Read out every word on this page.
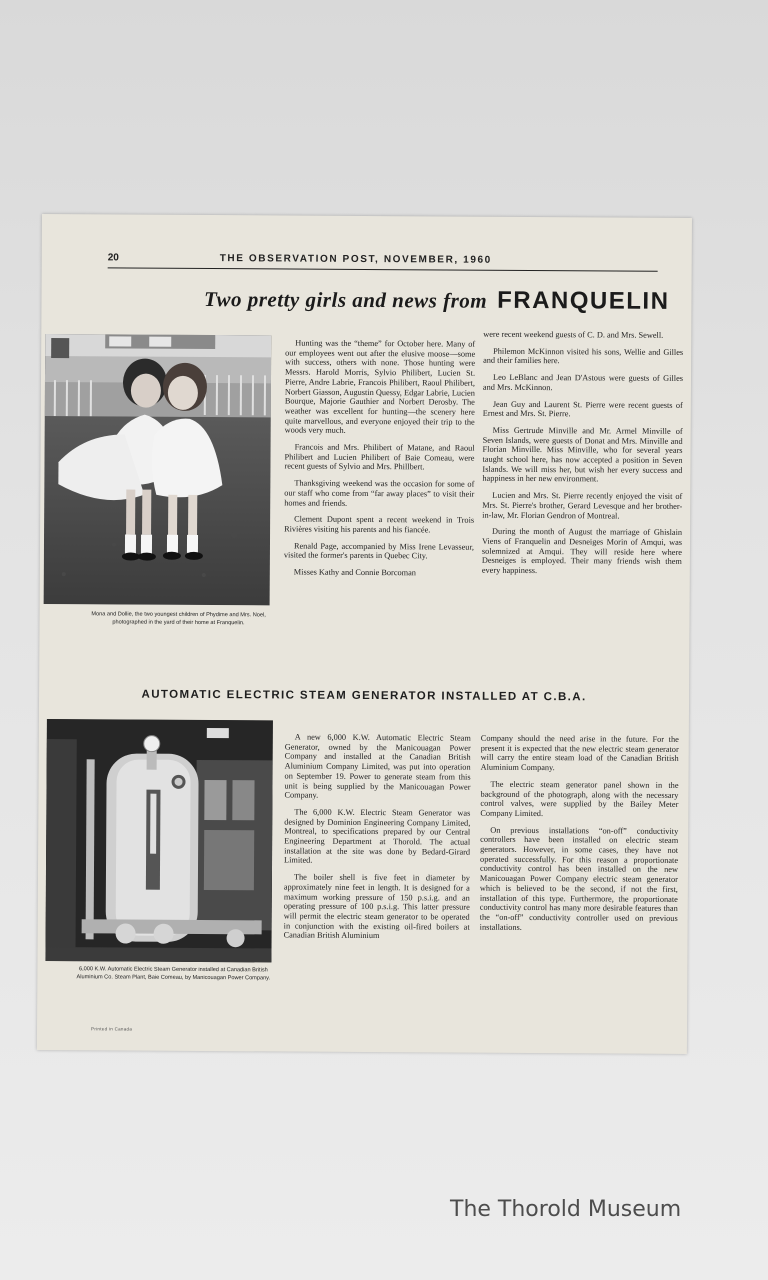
20	THE OBSERVATION POST, NOVEMBER, 1960
Two pretty girls and news from FRANQUELIN
Mona and Dollie, the two youngest children of Phydime and Mrs. Noel, photographed in the yard of their home at Franquelin.

Hunting was the “theme” for October here. Many of our employees went out after the elusive moose—some with success, others with none. Those hunting were Messrs. Harold Morris, Sylvio Philibert, Lucien St. Pierre, Andre Labrie, Francois Philibert, Raoul Philibert, Norbert Giasson, Augustin Quessy, Edgar Labrie, Lucien Bourque, Majorie Gauthier and Norbert Derosby. The weather was excellent for hunting—the scenery here quite marvellous, and everyone enjoyed their trip to the woods very much.

Francois and Mrs. Philibert of Matane, and Raoul Philibert and Lucien Philibert of Baie Comeau, were recent guests of Sylvio and Mrs. Phillbert.

Thanksgiving weekend was the occasion for some of our staff who come from “far away places” to visit their homes and friends.

Clement Dupont spent a recent weekend in Trois Rivières visiting his parents and his fiancée.

Renald Page, accompanied by Miss Irene Levasseur, visited the former's parents in Quebec City.

Misses Kathy and Connie Borcoman

were recent weekend guests of C. D. and Mrs. Sewell.

Philemon McKinnon visited his sons, Wellie and Gilles and their families here.

Leo LeBlanc and Jean D'Astous were guests of Gilles and Mrs. McKinnon.

Jean Guy and Laurent St. Pierre were recent guests of Ernest and Mrs. St. Pierre.

Miss Gertrude Minville and Mr. Armel Minville of Seven Islands, were guests of Donat and Mrs. Minville and Florian Minville. Miss Minville, who for several years taught school here, has now accepted a position in Seven Islands. We will miss her, but wish her every success and happiness in her new environment.

Lucien and Mrs. St. Pierre recently enjoyed the visit of Mrs. St. Pierre's brother, Gerard Levesque and her brother-in-law, Mr. Florian Gendron of Montreal.

During the month of August the marriage of Ghislain Viens of Franquelin and Desneiges Morin of Amqui, was solemnized at Amqui. They will reside here where Desneiges is employed. Their many friends wish them every happiness.

AUTOMATIC ELECTRIC STEAM GENERATOR INSTALLED AT C.B.A.
6,000 K.W. Automatic Electric Steam Generator installed at Canadian British Aluminium Co. Steam Plant, Baie Comeau, by Manicouagan Power Company.

A new 6,000 K.W. Automatic Electric Steam Generator, owned by the Manicouagan Power Company and installed at the Canadian British Aluminium Company Limited, was put into operation on September 19. Power to generate steam from this unit is being supplied by the Manicouagan Power Company.

The 6,000 K.W. Electric Steam Generator was designed by Dominion Engineering Company Limited, Montreal, to specifications prepared by our Central Engineering Department at Thorold. The actual installation at the site was done by Bedard-Girard Limited.

The boiler shell is five feet in diameter by approximately nine feet in length. It is designed for a maximum working pressure of 150 p.s.i.g. and an operating pressure of 100 p.s.i.g. This latter pressure will permit the electric steam generator to be operated in conjunction with the existing oil-fired boilers at Canadian British Aluminium

Company should the need arise in the future. For the present it is expected that the new electric steam generator will carry the entire steam load of the Canadian British Aluminium Company.

The electric steam generator panel shown in the background of the photograph, along with the necessary control valves, were supplied by the Bailey Meter Company Limited.

On previous installations “on-off” conductivity controllers have been installed on electric steam generators. However, in some cases, they have not operated successfully. For this reason a proportionate conductivity control has been installed on the new Manicouagan Power Company electric steam generator which is believed to be the second, if not the first, installation of this type. Furthermore, the proportionate conductivity control has many more desirable features than the “on-off” conductivity controller used on previous installations.

Printed in Canada
The Thorold Museum
